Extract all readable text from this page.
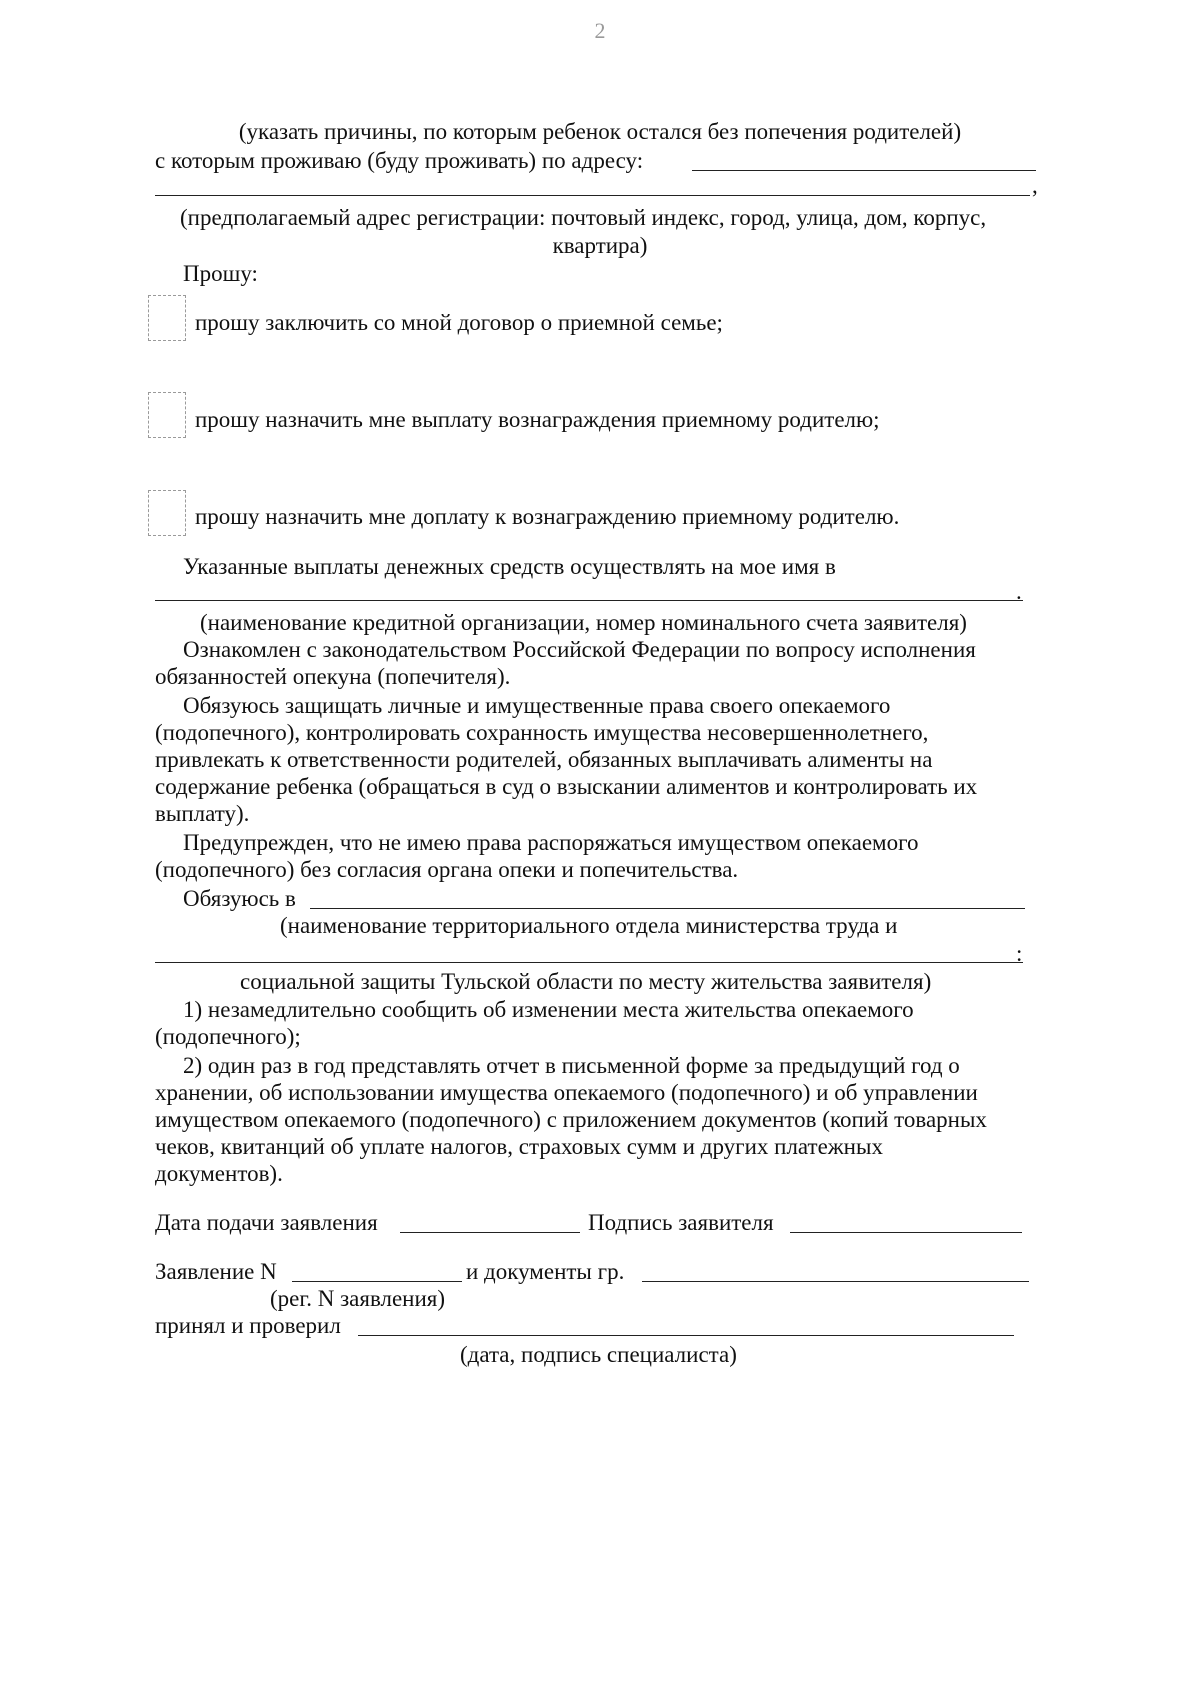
2
(указать причины, по которым ребенок остался без попечения родителей)
с которым проживаю (буду проживать) по адресу:
,
(предполагаемый адрес регистрации: почтовый индекс, город, улица, дом, корпус,
квартира)
Прошу:
прошу заключить со мной договор о приемной семье;
прошу назначить мне выплату вознаграждения приемному родителю;
прошу назначить мне доплату к вознаграждению приемному родителю.
Указанные выплаты денежных средств осуществлять на мое имя в
.
(наименование кредитной организации, номер номинального счета заявителя)
Ознакомлен с законодательством Российской Федерации по вопросу исполнения
обязанностей опекуна (попечителя).
Обязуюсь защищать личные и имущественные права своего опекаемого
(подопечного), контролировать сохранность имущества несовершеннолетнего,
привлекать к ответственности родителей, обязанных выплачивать алименты на
содержание ребенка (обращаться в суд о взыскании алиментов и контролировать их
выплату).
Предупрежден, что не имею права распоряжаться имуществом опекаемого
(подопечного) без согласия органа опеки и попечительства.
Обязуюсь в
(наименование территориального отдела министерства труда и
:
социальной защиты Тульской области по месту жительства заявителя)
1) незамедлительно сообщить об изменении места жительства опекаемого
(подопечного);
2) один раз в год представлять отчет в письменной форме за предыдущий год о
хранении, об использовании имущества опекаемого (подопечного) и об управлении
имуществом опекаемого (подопечного) с приложением документов (копий товарных
чеков, квитанций об уплате налогов, страховых сумм и других платежных
документов).
Дата подачи заявления	Подпись заявителя
Заявление N	и документы гр.
(рег. N заявления)
принял и проверил
(дата, подпись специалиста)
